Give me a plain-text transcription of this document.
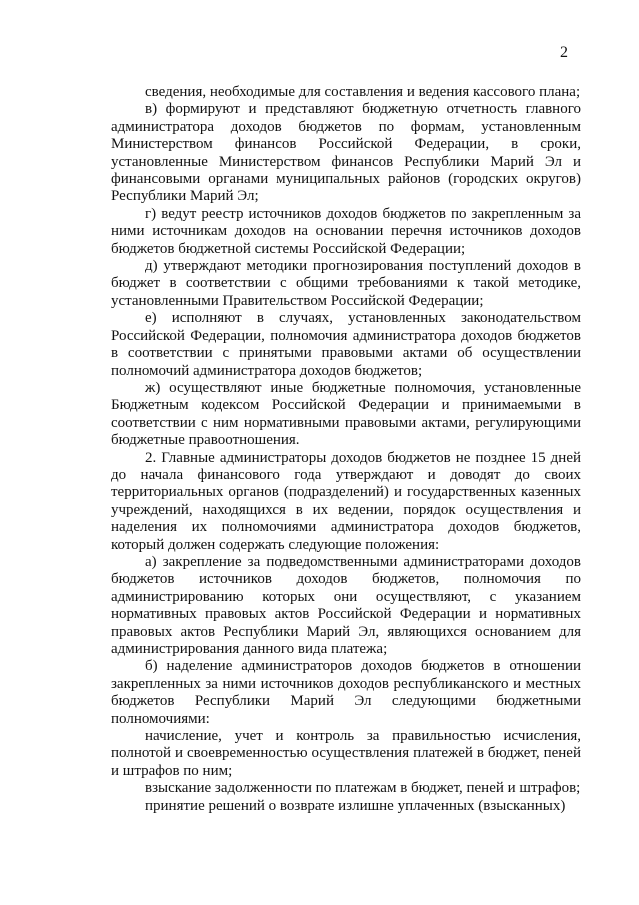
2

сведения, необходимые для составления и ведения кассового плана;

в) формируют и представляют бюджетную отчетность главного администратора доходов бюджетов по формам, установленным Министерством финансов Российской Федерации, в сроки, установленные Министерством финансов Республики Марий Эл и финансовыми органами муниципальных районов (городских округов) Республики Марий Эл;

г) ведут реестр источников доходов бюджетов по закрепленным за ними источникам доходов на основании перечня источников доходов бюджетов бюджетной системы Российской Федерации;

д) утверждают методики прогнозирования поступлений доходов в бюджет в соответствии с общими требованиями к такой методике, установленными Правительством Российской Федерации;

е) исполняют в случаях, установленных законодательством Российской Федерации, полномочия администратора доходов бюджетов в соответствии с принятыми правовыми актами об осуществлении полномочий администратора доходов бюджетов;

ж) осуществляют иные бюджетные полномочия, установленные Бюджетным кодексом Российской Федерации и принимаемыми в соответствии с ним нормативными правовыми актами, регулирующими бюджетные правоотношения.

2. Главные администраторы доходов бюджетов не позднее 15 дней до начала финансового года утверждают и доводят до своих территориальных органов (подразделений) и государственных казенных учреждений, находящихся в их ведении, порядок осуществления и наделения их полномочиями администратора доходов бюджетов, который должен содержать следующие положения:

а) закрепление за подведомственными администраторами доходов бюджетов источников доходов бюджетов, полномочия по администрированию которых они осуществляют, с указанием нормативных правовых актов Российской Федерации и нормативных правовых актов Республики Марий Эл, являющихся основанием для администрирования данного вида платежа;

б) наделение администраторов доходов бюджетов в отношении закрепленных за ними источников доходов республиканского и местных бюджетов Республики Марий Эл следующими бюджетными полномочиями:

начисление, учет и контроль за правильностью исчисления, полнотой и своевременностью осуществления платежей в бюджет, пеней и штрафов по ним;

взыскание задолженности по платежам в бюджет, пеней и штрафов;

принятие решений о возврате излишне уплаченных (взысканных)
